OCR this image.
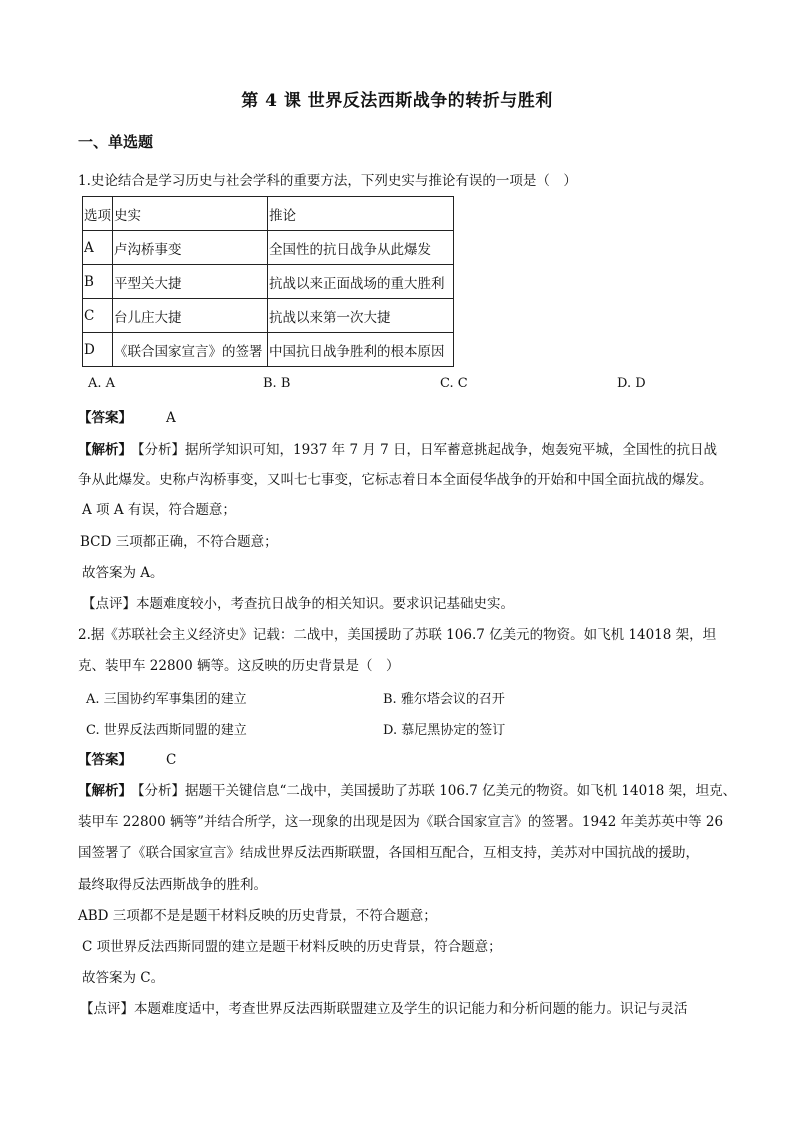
第 4 课 世界反法西斯战争的转折与胜利
一、单选题
1.史论结合是学习历史与社会学科的重要方法，下列史实与推论有误的一项是（　）
选项	史实	推论
A	卢沟桥事变	全国性的抗日战争从此爆发
B	平型关大捷	抗战以来正面战场的重大胜利
C	台儿庄大捷	抗战以来第一次大捷
D	《联合国家宣言》的签署	中国抗日战争胜利的根本原因
A. A	B. B	C. C	D. D
【答案】	A
【解析】 【分析】据所学知识可知，1937 年 7 月 7 日，日军蓄意挑起战争，炮轰宛平城，全国性的抗日战
争从此爆发。史称卢沟桥事变，又叫七七事变，它标志着日本全面侵华战争的开始和中国全面抗战的爆发。
A 项 A 有误，符合题意；
BCD 三项都正确，不符合题意；
故答案为 A。
【点评】本题难度较小，考查抗日战争的相关知识。要求识记基础史实。
2.据《苏联社会主义经济史》记载：二战中，美国援助了苏联 106.7 亿美元的物资。如飞机 14018 架，坦
克、装甲车 22800 辆等。这反映的历史背景是（　）
A. 三国协约军事集团的建立	B. 雅尔塔会议的召开
C. 世界反法西斯同盟的建立	D. 慕尼黑协定的签订
【答案】	C
【解析】 【分析】据题干关键信息“二战中，美国援助了苏联 106.7 亿美元的物资。如飞机 14018 架，坦克、
装甲车 22800 辆等”并结合所学，这一现象的出现是因为《联合国家宣言》的签署。1942 年美苏英中等 26
国签署了《联合国家宣言》结成世界反法西斯联盟，各国相互配合，互相支持，美苏对中国抗战的援助，
最终取得反法西斯战争的胜利。
ABD 三项都不是是题干材料反映的历史背景，不符合题意；
C 项世界反法西斯同盟的建立是题干材料反映的历史背景，符合题意；
故答案为 C。
【点评】本题难度适中，考查世界反法西斯联盟建立及学生的识记能力和分析问题的能力。识记与灵活
